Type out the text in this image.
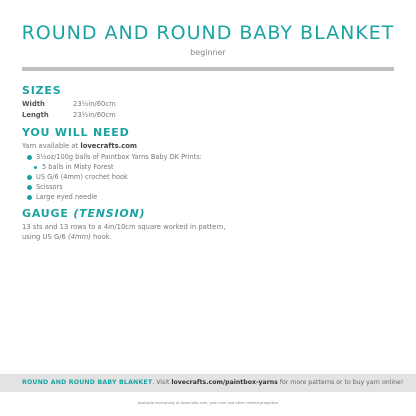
ROUND AND ROUND BABY BLANKET
beginner
SIZES
Width	23½in/60cm
Length	23½in/60cm
YOU WILL NEED
Yarn available at lovecrafts.com
3½oz/100g balls of Paintbox Yarns Baby DK Prints:
5 balls in Misty Forest
US G/6 (4mm) crochet hook
Scissors
Large eyed needle
GAUGE (TENSION)
13 sts and 13 rows to a 4in/10cm square worked in pattern, using US G/6 (4mm) hook.
ROUND AND ROUND BABY BLANKET. Visit lovecrafts.com/paintbox-yarns for more patterns or to buy yarn online!
Available exclusively at lovecrafts.com, yarn.com and other related properties
